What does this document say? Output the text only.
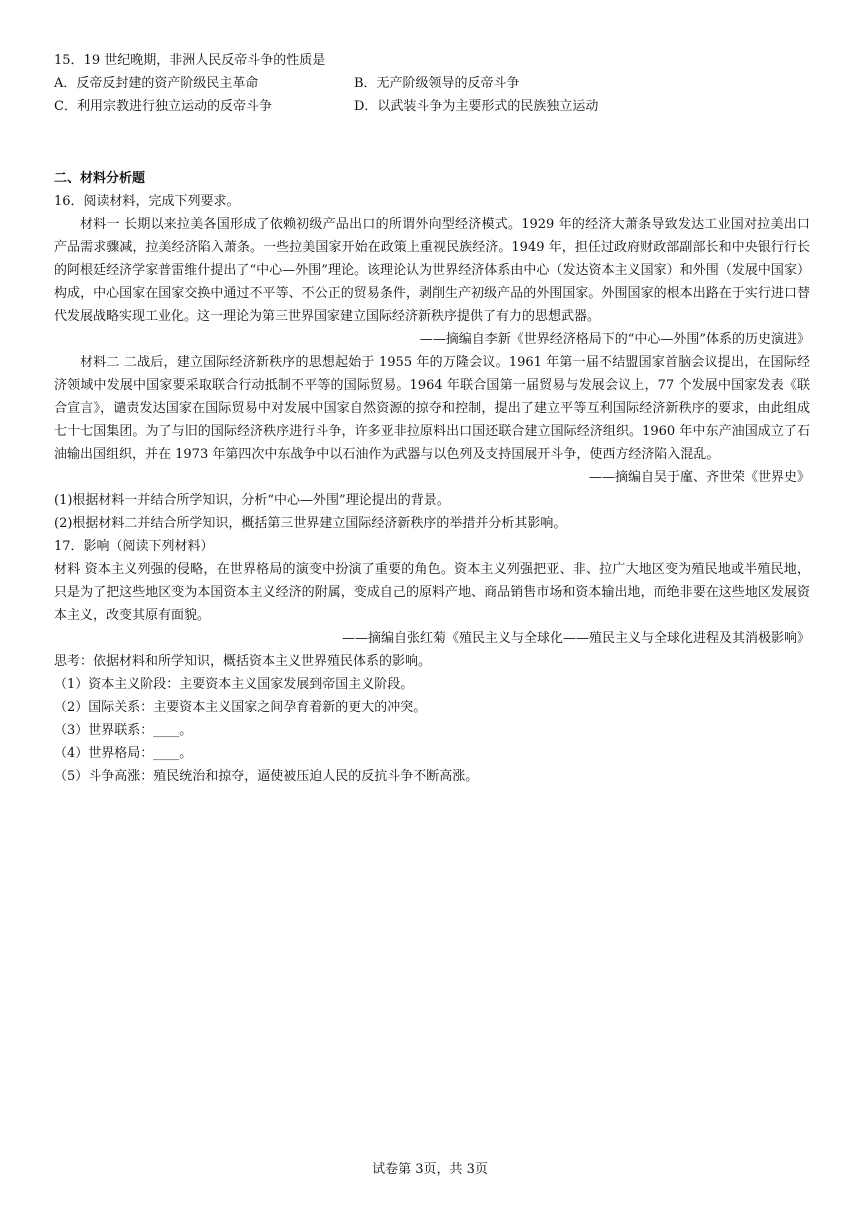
15．19 世纪晚期，非洲人民反帝斗争的性质是
A．反帝反封建的资产阶级民主革命	B．无产阶级领导的反帝斗争
C．利用宗教进行独立运动的反帝斗争	D．以武装斗争为主要形式的民族独立运动
二、材料分析题
16．阅读材料，完成下列要求。
材料一 长期以来拉美各国形成了依赖初级产品出口的所谓外向型经济模式。1929 年的经济大萧条导致发达工业国对拉美出口产品需求骤减，拉美经济陷入萧条。一些拉美国家开始在政策上重视民族经济。1949 年，担任过政府财政部副部长和中央银行行长的阿根廷经济学家普雷维什提出了“中心—外围”理论。该理论认为世界经济体系由中心（发达资本主义国家）和外围（发展中国家）构成，中心国家在国家交换中通过不平等、不公正的贸易条件，剥削生产初级产品的外围国家。外围国家的根本出路在于实行进口替代发展战略实现工业化。这一理论为第三世界国家建立国际经济新秩序提供了有力的思想武器。
——摘编自李新《世界经济格局下的“中心—外围”体系的历史演进》
材料二 二战后，建立国际经济新秩序的思想起始于 1955 年的万隆会议。1961 年第一届不结盟国家首脑会议提出，在国际经济领域中发展中国家要采取联合行动抵制不平等的国际贸易。1964 年联合国第一届贸易与发展会议上，77 个发展中国家发表《联合宣言》，谴责发达国家在国际贸易中对发展中国家自然资源的掠夺和控制，提出了建立平等互利国际经济新秩序的要求，由此组成七十七国集团。为了与旧的国际经济秩序进行斗争，许多亚非拉原料出口国还联合建立国际经济组织。1960 年中东产油国成立了石油输出国组织，并在 1973 年第四次中东战争中以石油作为武器与以色列及支持国展开斗争，使西方经济陷入混乱。
——摘编自吴于廑、齐世荣《世界史》
(1)根据材料一并结合所学知识，分析“中心—外围”理论提出的背景。
(2)根据材料二并结合所学知识，概括第三世界建立国际经济新秩序的举措并分析其影响。
17．影响（阅读下列材料）
材料 资本主义列强的侵略，在世界格局的演变中扮演了重要的角色。资本主义列强把亚、非、拉广大地区变为殖民地或半殖民地，只是为了把这些地区变为本国资本主义经济的附属，变成自己的原料产地、商品销售市场和资本输出地，而绝非要在这些地区发展资本主义，改变其原有面貌。
——摘编自张红菊《殖民主义与全球化——殖民主义与全球化进程及其消极影响》
思考：依据材料和所学知识，概括资本主义世界殖民体系的影响。
（1）资本主义阶段：主要资本主义国家发展到帝国主义阶段。
（2）国际关系：主要资本主义国家之间孕育着新的更大的冲突。
（3）世界联系：____。
（4）世界格局：____。
（5）斗争高涨：殖民统治和掠夺，逼使被压迫人民的反抗斗争不断高涨。
试卷第 3页，共 3页
